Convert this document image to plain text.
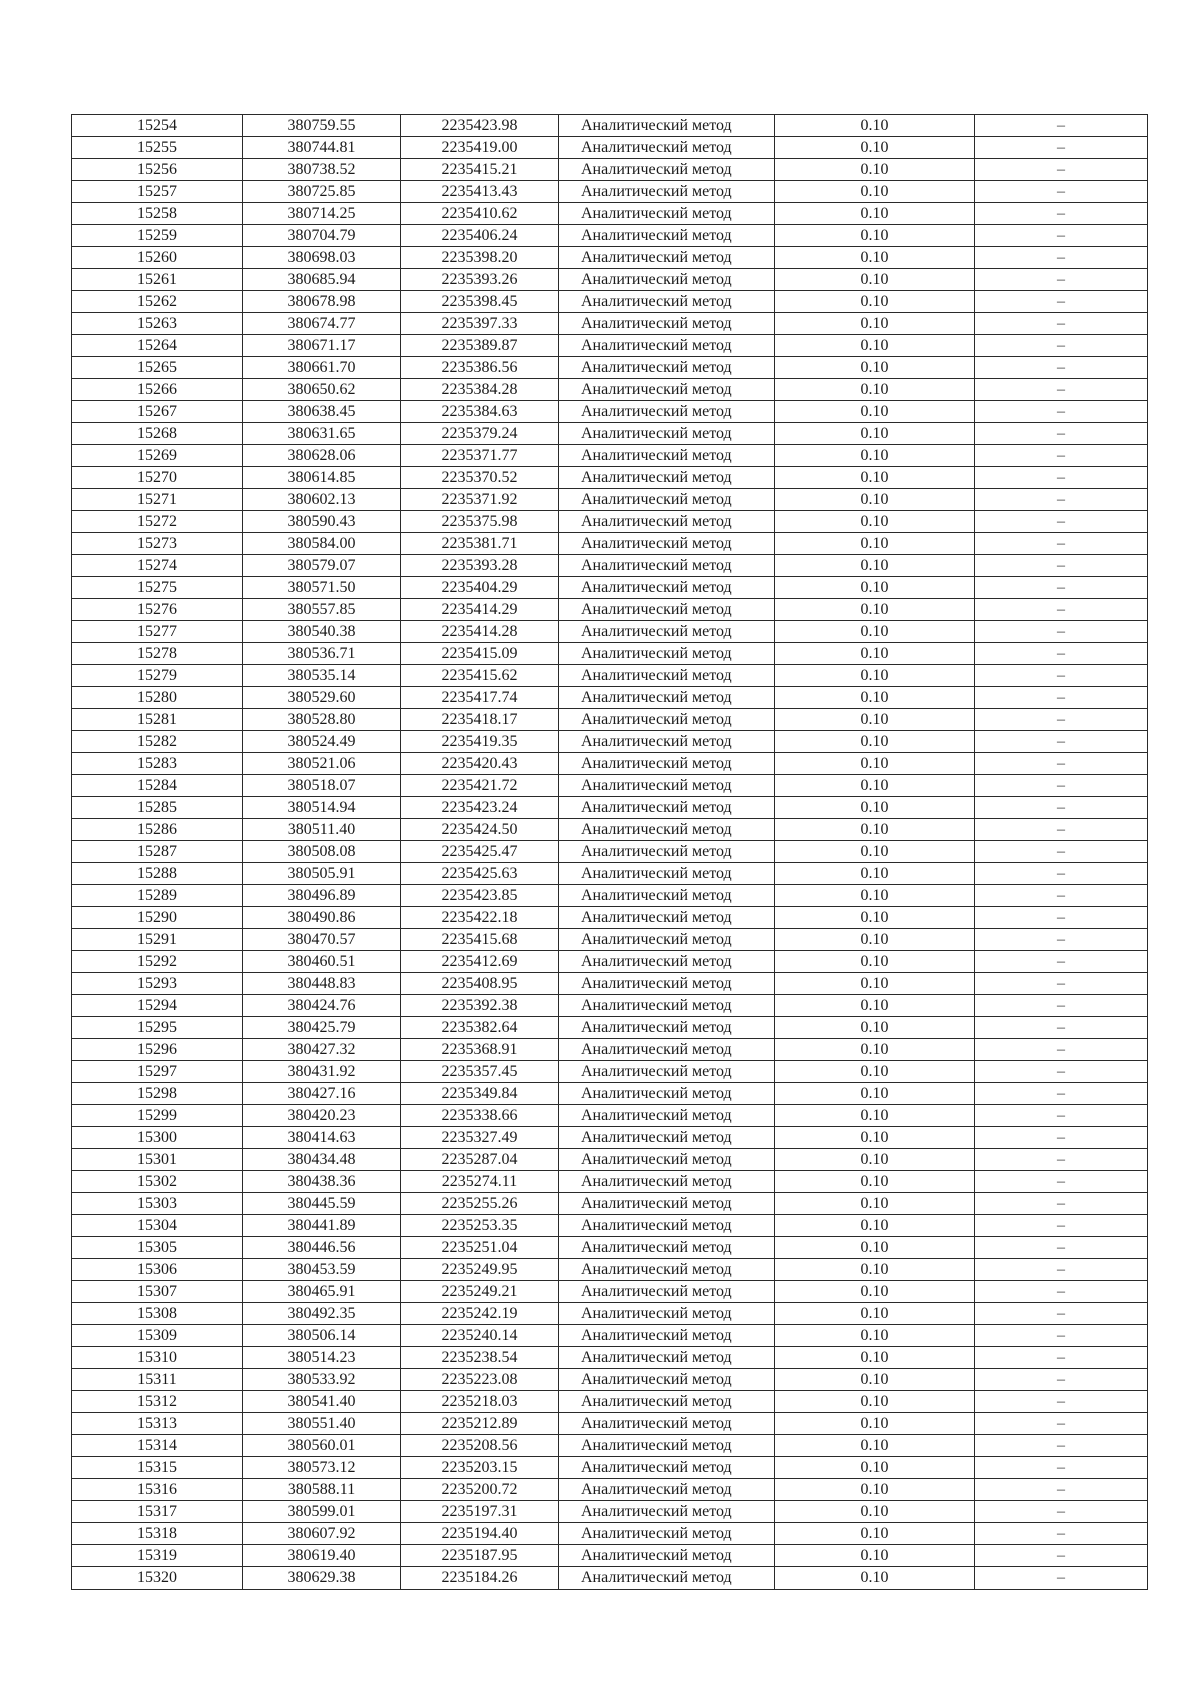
15254	380759.55	2235423.98	Аналитический метод	0.10	–
15255	380744.81	2235419.00	Аналитический метод	0.10	–
15256	380738.52	2235415.21	Аналитический метод	0.10	–
15257	380725.85	2235413.43	Аналитический метод	0.10	–
15258	380714.25	2235410.62	Аналитический метод	0.10	–
15259	380704.79	2235406.24	Аналитический метод	0.10	–
15260	380698.03	2235398.20	Аналитический метод	0.10	–
15261	380685.94	2235393.26	Аналитический метод	0.10	–
15262	380678.98	2235398.45	Аналитический метод	0.10	–
15263	380674.77	2235397.33	Аналитический метод	0.10	–
15264	380671.17	2235389.87	Аналитический метод	0.10	–
15265	380661.70	2235386.56	Аналитический метод	0.10	–
15266	380650.62	2235384.28	Аналитический метод	0.10	–
15267	380638.45	2235384.63	Аналитический метод	0.10	–
15268	380631.65	2235379.24	Аналитический метод	0.10	–
15269	380628.06	2235371.77	Аналитический метод	0.10	–
15270	380614.85	2235370.52	Аналитический метод	0.10	–
15271	380602.13	2235371.92	Аналитический метод	0.10	–
15272	380590.43	2235375.98	Аналитический метод	0.10	–
15273	380584.00	2235381.71	Аналитический метод	0.10	–
15274	380579.07	2235393.28	Аналитический метод	0.10	–
15275	380571.50	2235404.29	Аналитический метод	0.10	–
15276	380557.85	2235414.29	Аналитический метод	0.10	–
15277	380540.38	2235414.28	Аналитический метод	0.10	–
15278	380536.71	2235415.09	Аналитический метод	0.10	–
15279	380535.14	2235415.62	Аналитический метод	0.10	–
15280	380529.60	2235417.74	Аналитический метод	0.10	–
15281	380528.80	2235418.17	Аналитический метод	0.10	–
15282	380524.49	2235419.35	Аналитический метод	0.10	–
15283	380521.06	2235420.43	Аналитический метод	0.10	–
15284	380518.07	2235421.72	Аналитический метод	0.10	–
15285	380514.94	2235423.24	Аналитический метод	0.10	–
15286	380511.40	2235424.50	Аналитический метод	0.10	–
15287	380508.08	2235425.47	Аналитический метод	0.10	–
15288	380505.91	2235425.63	Аналитический метод	0.10	–
15289	380496.89	2235423.85	Аналитический метод	0.10	–
15290	380490.86	2235422.18	Аналитический метод	0.10	–
15291	380470.57	2235415.68	Аналитический метод	0.10	–
15292	380460.51	2235412.69	Аналитический метод	0.10	–
15293	380448.83	2235408.95	Аналитический метод	0.10	–
15294	380424.76	2235392.38	Аналитический метод	0.10	–
15295	380425.79	2235382.64	Аналитический метод	0.10	–
15296	380427.32	2235368.91	Аналитический метод	0.10	–
15297	380431.92	2235357.45	Аналитический метод	0.10	–
15298	380427.16	2235349.84	Аналитический метод	0.10	–
15299	380420.23	2235338.66	Аналитический метод	0.10	–
15300	380414.63	2235327.49	Аналитический метод	0.10	–
15301	380434.48	2235287.04	Аналитический метод	0.10	–
15302	380438.36	2235274.11	Аналитический метод	0.10	–
15303	380445.59	2235255.26	Аналитический метод	0.10	–
15304	380441.89	2235253.35	Аналитический метод	0.10	–
15305	380446.56	2235251.04	Аналитический метод	0.10	–
15306	380453.59	2235249.95	Аналитический метод	0.10	–
15307	380465.91	2235249.21	Аналитический метод	0.10	–
15308	380492.35	2235242.19	Аналитический метод	0.10	–
15309	380506.14	2235240.14	Аналитический метод	0.10	–
15310	380514.23	2235238.54	Аналитический метод	0.10	–
15311	380533.92	2235223.08	Аналитический метод	0.10	–
15312	380541.40	2235218.03	Аналитический метод	0.10	–
15313	380551.40	2235212.89	Аналитический метод	0.10	–
15314	380560.01	2235208.56	Аналитический метод	0.10	–
15315	380573.12	2235203.15	Аналитический метод	0.10	–
15316	380588.11	2235200.72	Аналитический метод	0.10	–
15317	380599.01	2235197.31	Аналитический метод	0.10	–
15318	380607.92	2235194.40	Аналитический метод	0.10	–
15319	380619.40	2235187.95	Аналитический метод	0.10	–
15320	380629.38	2235184.26	Аналитический метод	0.10	–
